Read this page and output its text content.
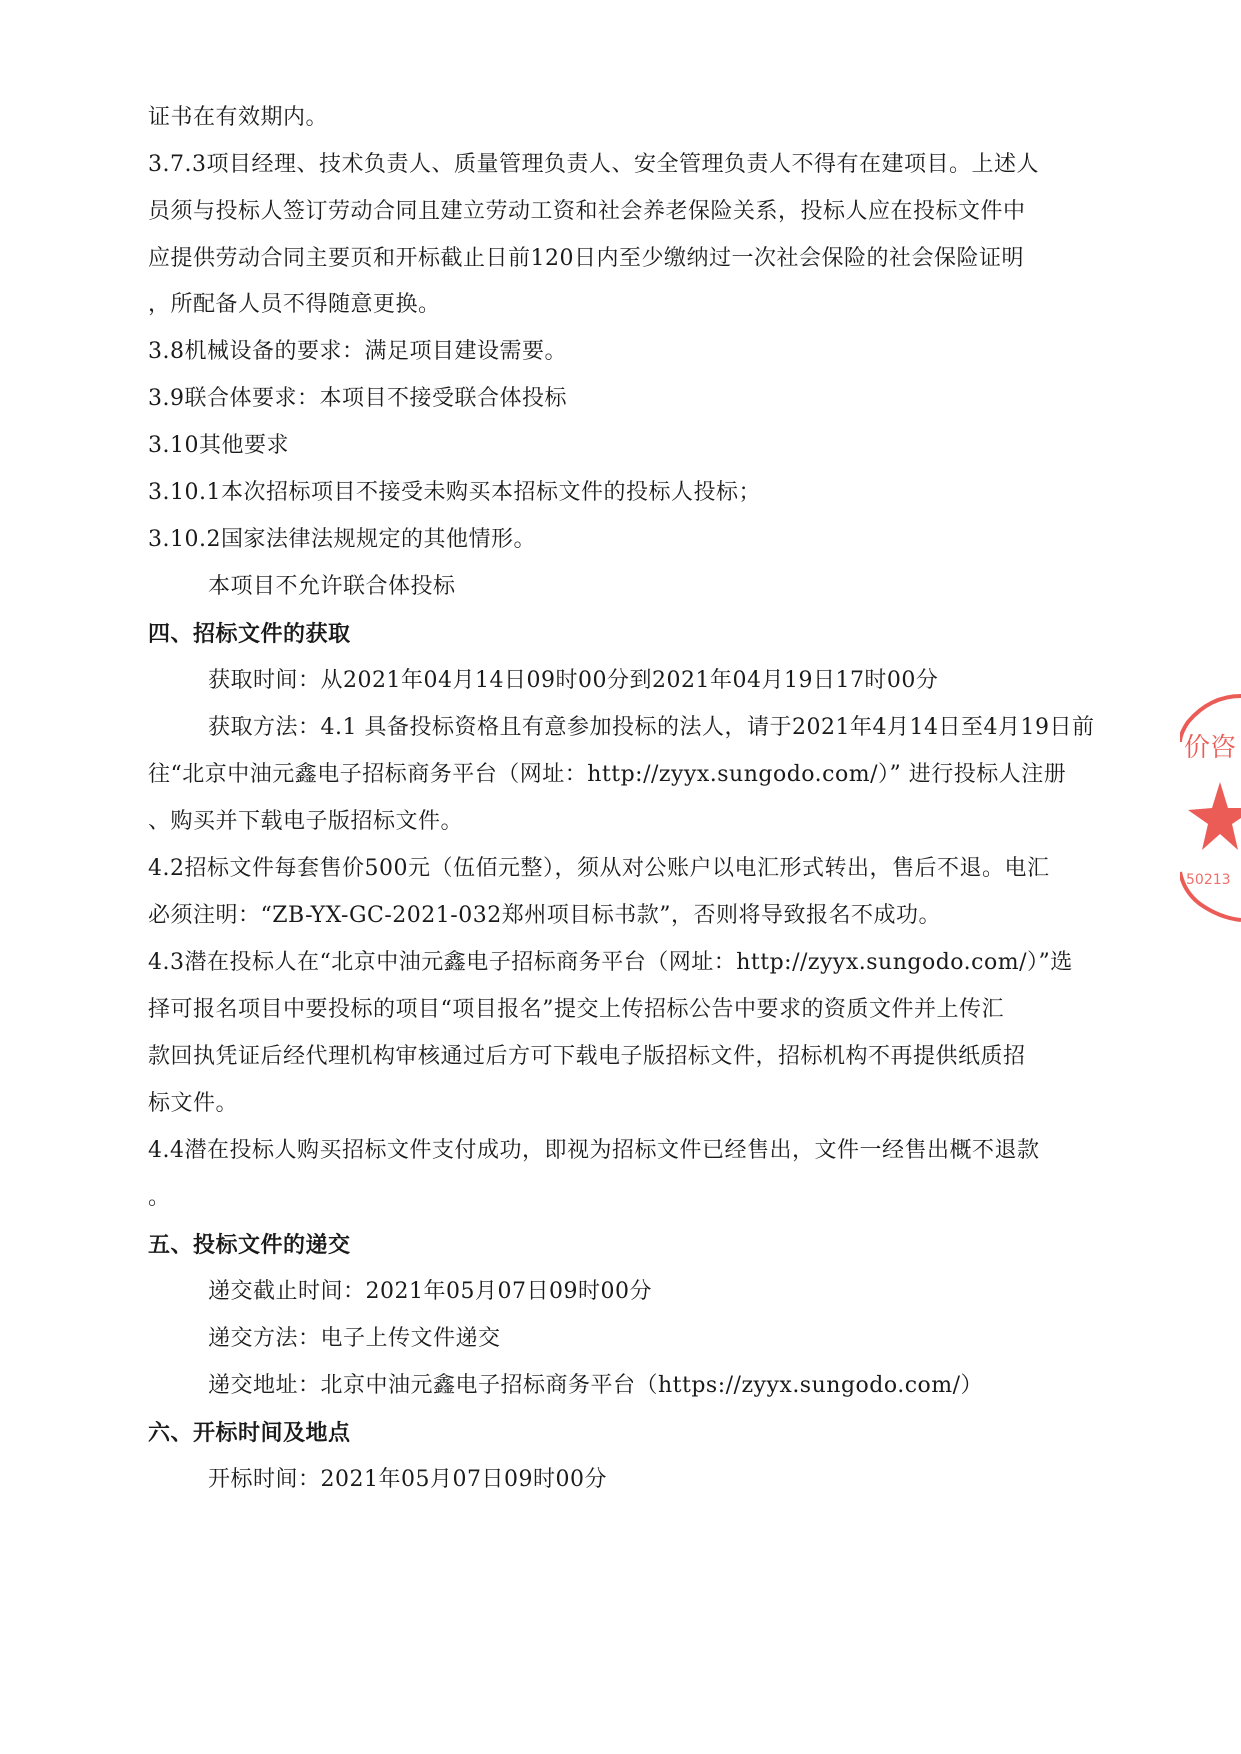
证书在有效期内。
3.7.3项目经理、技术负责人、质量管理负责人、安全管理负责人不得有在建项目。上述人
员须与投标人签订劳动合同且建立劳动工资和社会养老保险关系，投标人应在投标文件中
应提供劳动合同主要页和开标截止日前120日内至少缴纳过一次社会保险的社会保险证明
，所配备人员不得随意更换。
3.8机械设备的要求：满足项目建设需要。
3.9联合体要求：本项目不接受联合体投标
3.10其他要求
3.10.1本次招标项目不接受未购买本招标文件的投标人投标；
3.10.2国家法律法规规定的其他情形。
本项目不允许联合体投标
四、招标文件的获取
获取时间：从2021年04月14日09时00分到2021年04月19日17时00分
获取方法：4.1 具备投标资格且有意参加投标的法人，请于2021年4月14日至4月19日前
往“北京中油元鑫电子招标商务平台（网址：http://zyyx.sungodo.com/）” 进行投标人注册
、购买并下载电子版招标文件。
4.2招标文件每套售价500元（伍佰元整），须从对公账户以电汇形式转出，售后不退。电汇
必须注明：“ZB-YX-GC-2021-032郑州项目标书款”，否则将导致报名不成功。
4.3潜在投标人在“北京中油元鑫电子招标商务平台（网址：http://zyyx.sungodo.com/）”选
择可报名项目中要投标的项目“项目报名”提交上传招标公告中要求的资质文件并上传汇
款回执凭证后经代理机构审核通过后方可下载电子版招标文件，招标机构不再提供纸质招
标文件。
4.4潜在投标人购买招标文件支付成功，即视为招标文件已经售出，文件一经售出概不退款
。
五、投标文件的递交
递交截止时间：2021年05月07日09时00分
递交方法：电子上传文件递交
递交地址：北京中油元鑫电子招标商务平台（https://zyyx.sungodo.com/）
六、开标时间及地点
开标时间：2021年05月07日09时00分
价咨
50213
